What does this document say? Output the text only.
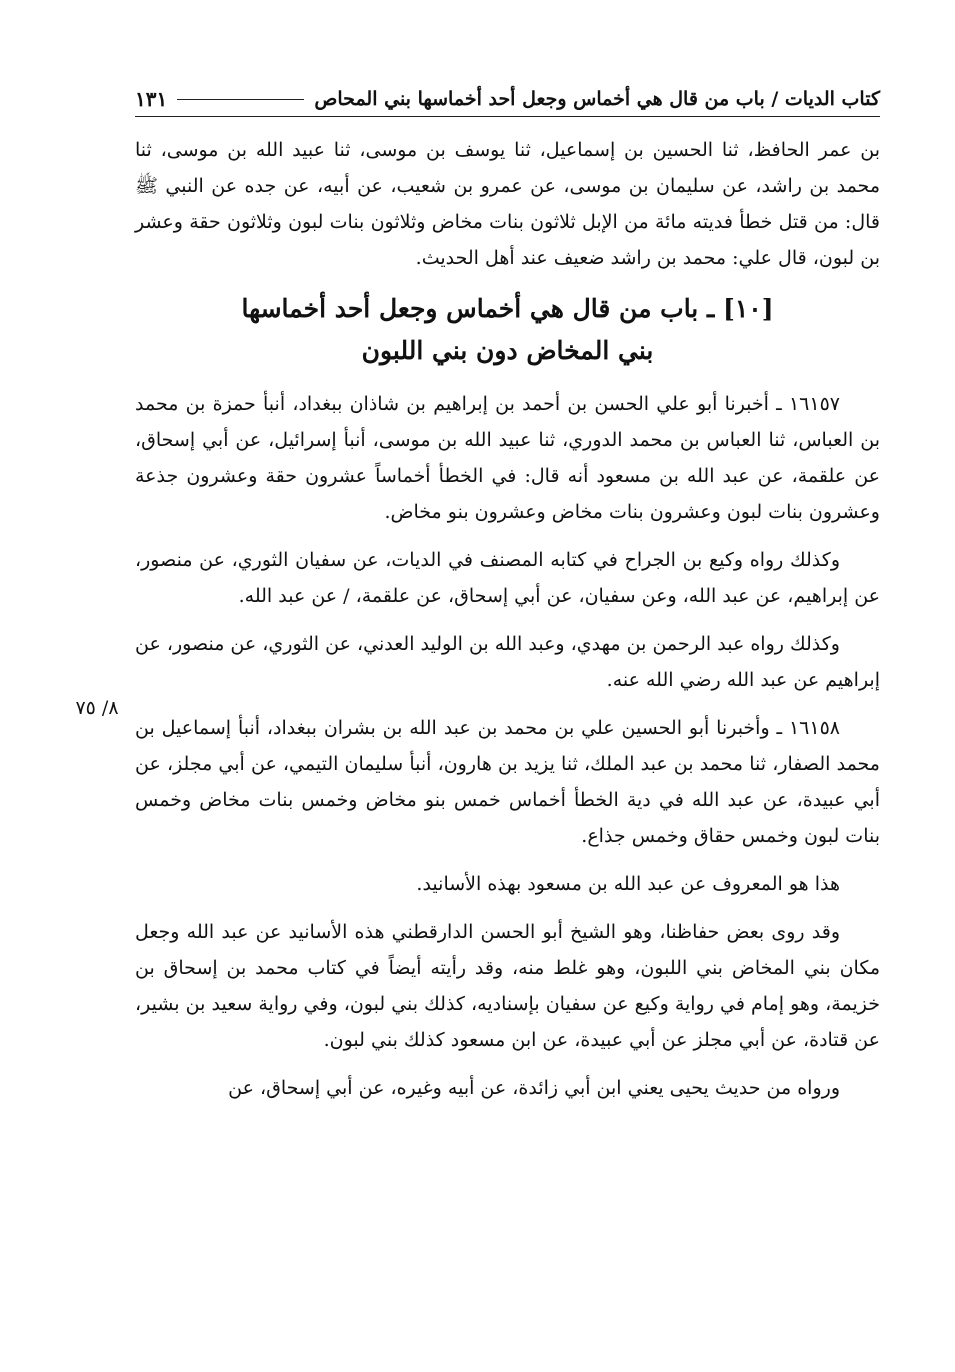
كتاب الديات / باب من قال هي أخماس وجعل أحد أخماسها بني المحاص
١٣١

بن عمر الحافظ، ثنا الحسين بن إسماعيل، ثنا يوسف بن موسى، ثنا عبيد الله بن موسى، ثنا محمد بن راشد، عن سليمان بن موسى، عن عمرو بن شعيب، عن أبيه، عن جده عن النبي ﷺ قال: من قتل خطأ فديته مائة من الإبل ثلاثون بنات مخاض وثلاثون بنات لبون وثلاثون حقة وعشر بن لبون، قال علي: محمد بن راشد ضعيف عند أهل الحديث.

[١٠] ـ باب من قال هي أخماس وجعل أحد أخماسها
بني المخاض دون بني اللبون

١٦١٥٧ ـ أخبرنا أبو علي الحسن بن أحمد بن إبراهيم بن شاذان ببغداد، أنبأ حمزة بن محمد بن العباس، ثنا العباس بن محمد الدوري، ثنا عبيد الله بن موسى، أنبأ إسرائيل، عن أبي إسحاق، عن علقمة، عن عبد الله بن مسعود أنه قال: في الخطأ أخماساً عشرون حقة وعشرون جذعة وعشرون بنات لبون وعشرون بنات مخاض وعشرون بنو مخاض.

وكذلك رواه وكيع بن الجراح في كتابه المصنف في الديات، عن سفيان الثوري، عن منصور، عن إبراهيم، عن عبد الله، وعن سفيان، عن أبي إسحاق، عن علقمة، / عن عبد الله.

وكذلك رواه عبد الرحمن بن مهدي، وعبد الله بن الوليد العدني، عن الثوري، عن منصور، عن إبراهيم عن عبد الله رضي الله عنه.

١٦١٥٨ ـ وأخبرنا أبو الحسين علي بن محمد بن عبد الله بن بشران ببغداد، أنبأ إسماعيل بن محمد الصفار، ثنا محمد بن عبد الملك، ثنا يزيد بن هارون، أنبأ سليمان التيمي، عن أبي مجلز، عن أبي عبيدة، عن عبد الله في دية الخطأ أخماس خمس بنو مخاض وخمس بنات مخاض وخمس بنات لبون وخمس حقاق وخمس جذاع.

هذا هو المعروف عن عبد الله بن مسعود بهذه الأسانيد.

وقد روى بعض حفاظنا، وهو الشيخ أبو الحسن الدارقطني هذه الأسانيد عن عبد الله وجعل مكان بني المخاض بني اللبون، وهو غلط منه، وقد رأيته أيضاً في كتاب محمد بن إسحاق بن خزيمة، وهو إمام في رواية وكيع عن سفيان بإسناديه، كذلك بني لبون، وفي رواية سعيد بن بشير، عن قتادة، عن أبي مجلز عن أبي عبيدة، عن ابن مسعود كذلك بني لبون.

ورواه من حديث يحيى يعني ابن أبي زائدة، عن أبيه وغيره، عن أبي إسحاق، عن

٨/ ٧٥
